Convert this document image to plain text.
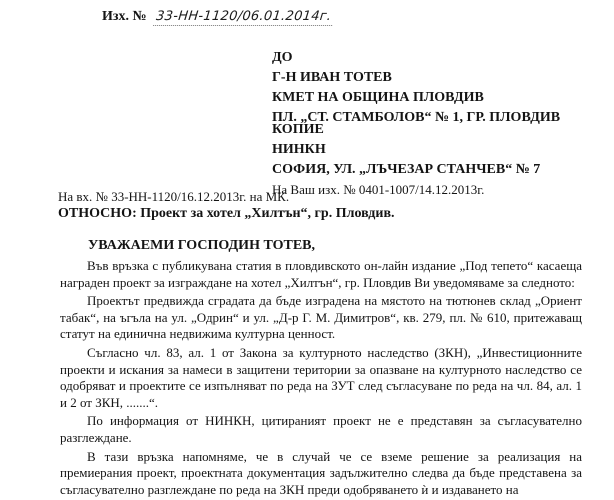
Изх. № 33-НН-1120/06.01.2014г.
ДО
Г-Н ИВАН ТОТЕВ
КМЕТ НА ОБЩИНА ПЛОВДИВ
ПЛ. „СТ. СТАМБОЛОВ“ № 1, ГР. ПЛОВДИВ
КОПИЕ
НИНКН
СОФИЯ, УЛ. „ЛЪЧЕЗАР СТАНЧЕВ“ № 7
На Ваш изх. № 0401-1007/14.12.2013г.
На вх. № 33-НН-1120/16.12.2013г. на МК.
ОТНОСНО: Проект за хотел „Хилтън“, гр. Пловдив.
УВАЖАЕМИ ГОСПОДИН ТОТЕВ,

Във връзка с публикувана статия в пловдивското он-лайн издание „Под тепето“ касаеща награден проект за изграждане на хотел „Хилтън“, гр. Пловдив Ви уведомяваме за следното:

Проектът предвижда сградата да бъде изградена на мястото на тютюнев склад „Ориент табак“, на ъгъла на ул. „Одрин“ и ул. „Д-р Г. М. Димитров“, кв. 279, пл. № 610, притежаващ статут на единична недвижима културна ценност.

Съгласно чл. 83, ал. 1 от Закона за културното наследство (ЗКН), „Инвестиционните проекти и искания за намеси в защитени територии за опазване на културното наследство се одобряват и проектите се изпълняват по реда на ЗУТ след съгласуване по реда на чл. 84, ал. 1 и 2 от ЗКН, .......“.

По информация от НИНКН, цитираният проект не е представян за съгласувателно разглеждане.

В тази връзка напомняме, че в случай че се вземе решение за реализация на премиерания проект, проектната документация задължително следва да бъде представена за съгласувателно разглеждане по реда на ЗКН преди одобряването ѝ и издаването на
